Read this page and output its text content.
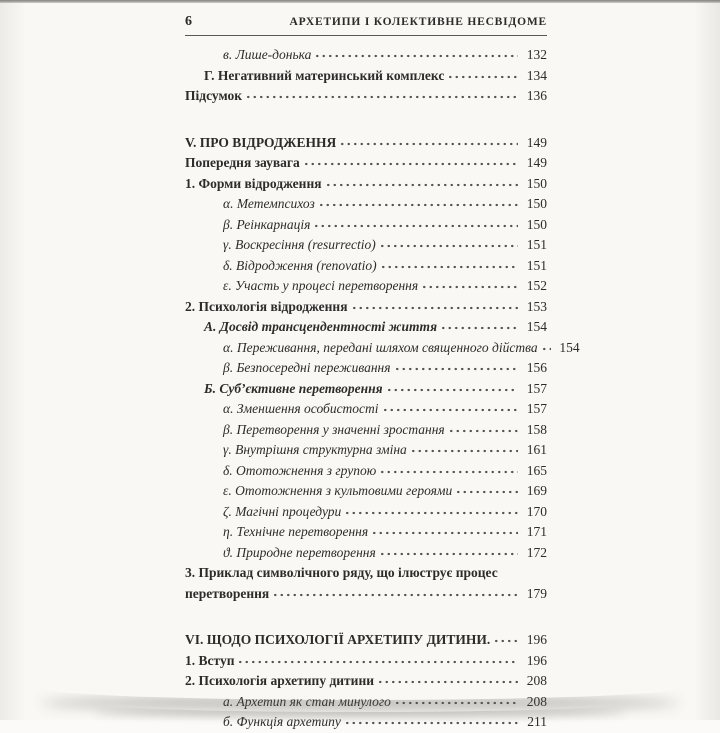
6	АРХЕТИПИ І КОЛЕКТИВНЕ НЕСВІДОМЕ
в. Лише-донька	132
Г. Негативний материнський комплекс	134
Підсумок	136
V. ПРО ВІДРОДЖЕННЯ	149
Попередня заувага	149
1. Форми відродження	150
α. Метемпсихоз	150
β. Реінкарнація	150
γ. Воскресіння (resurrectio)	151
δ. Відродження (renovatio)	151
ε. Участь у процесі перетворення	152
2. Психологія відродження	153
А. Досвід трансцендентності життя	154
α. Переживання, передані шляхом священного дійства	154
β. Безпосередні переживання	156
Б. Суб’єктивне перетворення	157
α. Зменшення особистості	157
β. Перетворення у значенні зростання	158
γ. Внутрішня структурна зміна	161
δ. Ототожнення з групою	165
ε. Ототожнення з культовими героями	169
ζ. Магічні процедури	170
η. Технічне перетворення	171
ϑ. Природне перетворення	172
3. Приклад символічного ряду, що ілюструє процес
перетворення	179
VI. ЩОДО ПСИХОЛОГІЇ АРХЕТИПУ ДИТИНИ.	196
1. Вступ	196
2. Психологія архетипу дитини	208
а. Архетип як стан минулого	208
б. Функція архетипу	211
